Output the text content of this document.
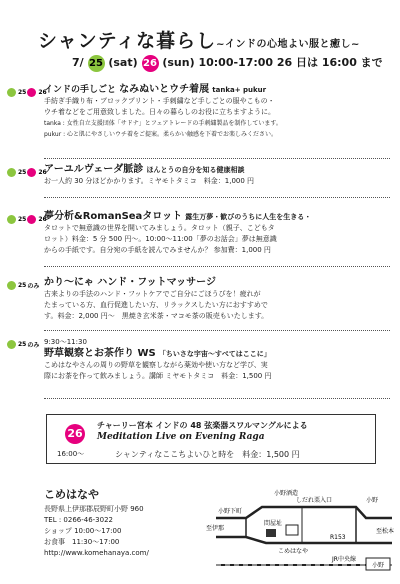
シャンティな暮らし~インドの心地よい服と癒し~
7/ 25 (sat) 26 (sun) 10:00-17:00 26 日は 16:00 まで
25 26
インドの手しごと なみぬいとウチ着展 tanka+ pukur
手紡ぎ手織り布・ブロックプリント・手刺繍など手しごとの服やこもの・
ウチ着などをご用意致しました。日々の暮らしのお役に立ちますように。
tanka : 女性自立支援団体「サドナ」とフェアトレードの手刺繍製品を制作しています。
pukur : 心と肌にやさしいウチ着をご提案。柔らかい触感を下着でお楽しみください。
25 26
アーユルヴェーダ脈診 ほんとうの自分を知る健康相談
お一人約 30 分ほどかかります。ミヤモトタミコ　料金：1,000 円
25 26
夢分析&RomanSeaタロット 露生万夢・歓びのうちに人生を生きる・
タロットで無意識の世界を開いてみましょう。タロット（親子、こどもタ
ロット）料金：5 分 500 円～。10:00～11:00「夢のお話会」夢は無意識
からの手紙です。自分宛の手紙を読んでみませんか？ 参加費：1,000 円
25 のみ かり～にゃ ハンド・フットマッサージ
古来よりの手法のハンド・フットケアでご自分にごほうびを！疲れが
たまっている方、血行促進したい方、リラックスしたい方におすすめで
す。料金：2,000 円～　黒焼き玄米茶・マコモ茶の販売もいたします。
25 のみ 9:30～11:30
野草観察とお茶作り WS 「ちいさな宇宙～すべてはここに」
こめはなやさんの周りの野草を観察しながら薬効や使い方など学び、実
際にお茶を作って飲みましょう。講師 ミヤモトタミコ　料金：1,500 円
26
チャーリー宮本 インドの 48 弦楽器スワルマングルによる
Meditation Live on Evening Raga
16:00～	シャンティなここちよいひと時を　料金：1,500 円
こめはなや
長野県上伊那郡辰野町小野 960
TEL : 0266-46-3022
ショップ 10:00～17:00
お食事　11:30～17:00
http://www.komehanaya.com/
小野酒造
小野下町
しだれ栗入口	小野
至伊那
問屋址
こめはなや
R153
至松本
JR中央線
小野
